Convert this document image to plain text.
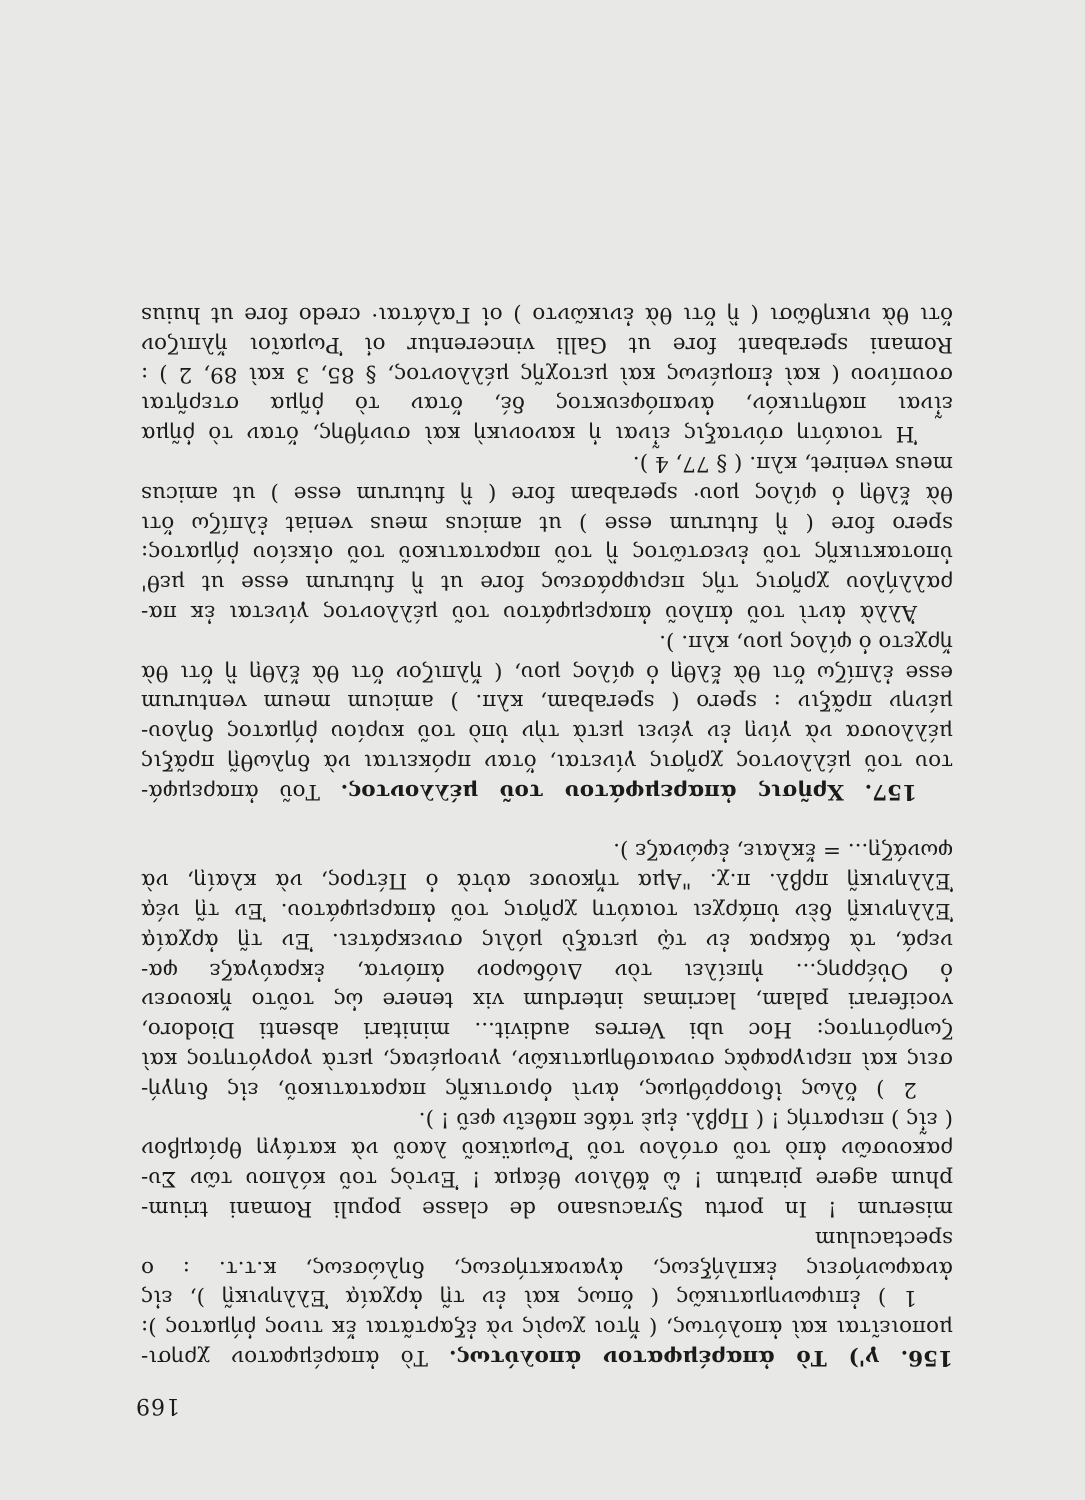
169

156. γ') Τὸ ἀπαρέμφατον ἀπολύτως. Τὸ ἀπαρέμφατον χρησι-

μοποιεῖται καὶ ἀπολύτως, ( ἤτοι χωρὶς νὰ ἐξαρτᾶται ἔκ τινος ῥήματος ):

1 ) ἐπιφωνηματικῶς ( ὅπως καὶ ἐν τῇ ἀρχαίᾳ Ἑλληνικῇ ), εἰς

ἀναφωνήσεις ἐκπλήξεως, ἀγανακτήσεως, δηλώσεως, κ.τ.τ. : o spectaculum

miserum ! In portu Syracusano de classe populi Romani trium-

phum agere piratum ! ὢ ἄθλιον θέαμα ! Ἐντὸς τοῦ κόλπου τῶν Συ-

ρακουσῶν ἀπὸ τοῦ στόλου τοῦ Ῥωμαϊκοῦ λαοῦ νὰ κατάγῃ θρίαμβον

( εἷς ) πειρατής ! ( Πρβλ. ἐμὲ τάδε παθεῖν φεῦ ! ).

2 ) ὅλως ἰδιορρύθμως, ἀντὶ ὁριστικῆς παρατατικοῦ, εἰς διηγή-

σεις καὶ περιγραφὰς συναισθηματικῶν, γινομένας, μετὰ γοργότητος καὶ

ζωηρότητος: Hoc ubi Verres audivit... minitari absenti Diodoro,

vociferari palam, lacrimas interdum vix tenere ὡς τοῦτο ἤκουσεν

ὁ Οὐέρρης... ἠπείλει τὸν Διόδωρον ἀπόντα, ἐκραύγαζε φα-

νερά, τὰ δάκρυα ἐν τῷ μεταξὺ μόλις συνεκράτει. Ἐν τῇ ἀρχαίᾳ

Ἑλληνικῇ δὲν ὑπάρχει τοιαύτη χρῆσις τοῦ ἀπαρεμφάτου. Ἐν τῇ νέᾳ

Ἑλληνικῇ πρβλ. π.χ. "Αμα τἤκουσε αὐτὰ ὁ Πέτρος, νὰ κλαίῃ, νὰ

φωνάζῃ... = ἔκλαιε, ἐφώναζε ).

157. Χρῆσις ἀπαρεμφάτου τοῦ μέλλοντος. Τοῦ ἀπαρεμφά-

του τοῦ μέλλοντος χρῆσις γίνεται, ὅταν πρόκειται νὰ δηλωθῇ πρᾶξις

μέλλουσα νὰ γίνῃ ἐν γένει μετὰ τὴν ὑπὸ τοῦ κυρίου ῥήματος δηλου-

μένην πρᾶξιν : spero ( sperabam, κλπ. ) amicum meum venturum

esse ἐλπίζω ὅτι θὰ ἔλθῃ ὁ φίλος μου, ( ἤλπιζον ὅτι θὰ ἔλθῃ ἢ ὅτι θὰ

ἤρχετο ὁ φίλος μου, κλπ. ).

Ἀλλὰ ἀντὶ τοῦ ἁπλοῦ ἀπαρεμφάτου τοῦ μέλλοντος γίνεται ἐκ πα-

ραλλήλου χρῆσις τῆς περιφράσεως fore ut ἢ futurum esse ut μεθ'

ὑποτακτικῆς τοῦ ἐνεστῶτος ἢ τοῦ παρατατικοῦ τοῦ οἰκείου ῥήματος:

spero fore ( ἢ futurum esse ) ut amicus meus veniat ἐλπίζω ὅτι

θὰ ἔλθῃ ὁ φίλος μου· sperabam fore ( ἢ futurum esse ) ut amicus

meus veniret, κλπ. ( § 77, 4 ).

Ἡ τοιαύτη σύνταξις εἶναι ἡ κανονικὴ καὶ συνήθης, ὅταν τὸ ῥῆμα

εἶναι παθητικόν, ἀναπόφευκτος δέ, ὅταν τὸ ῥῆμα στερῆται

σουπίνου ( καὶ ἐπομένως καὶ μετοχῆς μέλλοντος, § 85, 3 καὶ 89, 2 ) :

Romani sperabant fore ut Galli vincerentur οἱ Ῥωμαῖοι ἤλπιζον

ὅτι θὰ νικηθῶσι ( ἢ ὅτι θὰ ἐνικῶντο ) οἱ Γαλάται· credo fore ut huius
